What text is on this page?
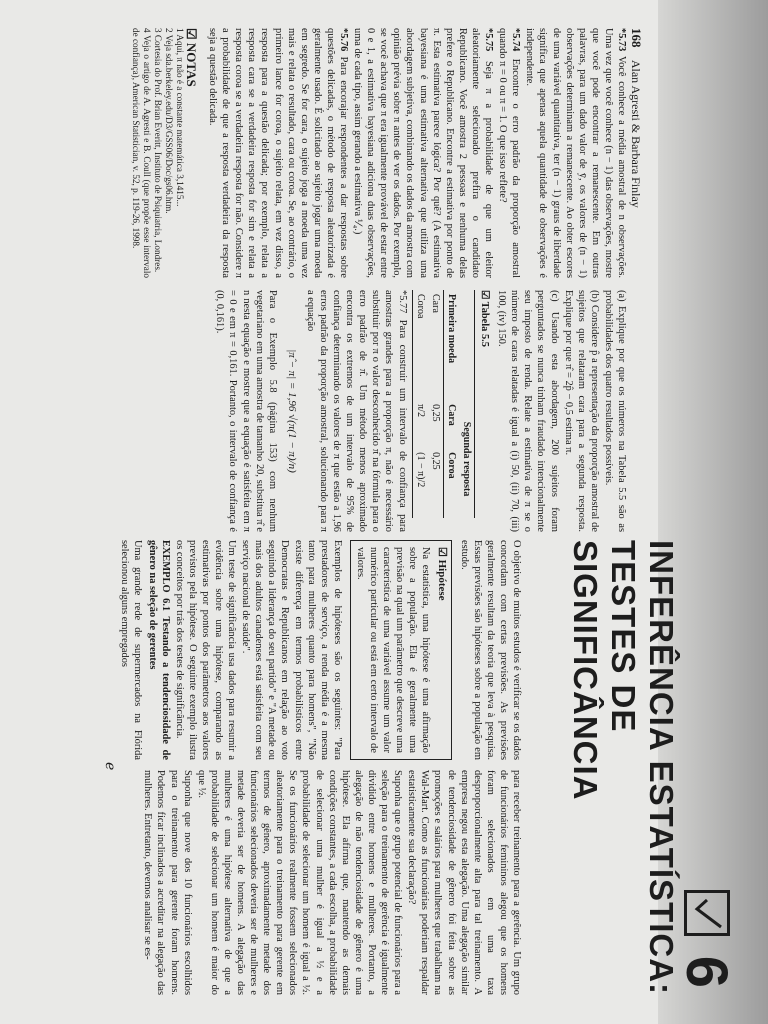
168 Alan Agresti & Barbara Finlay

*5.73 Você conhece a média amostral de n observações. Uma vez que você conhece (n − 1) das observações, mostre que você pode encontrar a remanescente. Em outras palavras, para um dado valor de ȳ, os valores de (n − 1) observações determinam a remanescente. Ao obter escores de uma variável quantitativa, ter (n − 1) graus de liberdade significa que apenas aquela quantidade de observações é independente.

*5.74 Encontre o erro padrão da proporção amostral quando π = 0 ou π = 1. O que isso reflete?

*5.75 Seja π a probabilidade de que um eleitor aleatoriamente selecionado prefira o candidato Republicano. Você amostra 2 pessoas e nenhuma delas prefere o Republicano. Encontre a estimativa por ponto de π. Esta estimativa parece lógica? Por quê? (A estimativa bayesiana é uma estimativa alternativa que utiliza uma abordagem subjetiva, combinando os dados da amostra com opinião prévia sobre π antes de ver os dados. Por exemplo, se você achava que π era igualmente provável de estar entre 0 e 1, a estimativa bayesiana adiciona duas observações, uma de cada tipo, assim gerando a estimativa ⅟₄.)

*5.76 Para encorajar respondentes a dar respostas sobre questões delicadas, o método de resposta aleatorizada é geralmente usado. É solicitado ao sujeito jogar uma moeda em segredo. Se for cara, o sujeito joga a moeda uma vez mais e relata o resultado, cara ou coroa. Se, ao contrário, o primeiro lance for coroa, o sujeito relata, em vez disso, a resposta para a questão delicada; por exemplo, relata a resposta cara se a verdadeira resposta for sim e relata a resposta coroa se a verdadeira resposta for não. Considere π a probabilidade de que a resposta verdadeira da resposta seja a questão delicada.

☑ NOTAS

1 Aqui, π não é a constante matemática 3,1415...

2 Veja sda.berkeley.edu/D3/GSS06/Doc/gs06.htm.

3 Cortesia do Prof. Brian Everitt, Instituto de Psiquiatria, Londres.

4 Veja o artigo de A. Agresti e B. Coull (que propõe esse intervalo de confiança), American Statistician, v. 52, p. 119-26, 1998.

(a) Explique por que os números na Tabela 5.5 são as probabilidades dos quatro resultados possíveis.

(b) Considere p̂ a representação da proporção amostral de sujeitos que relataram cara para a segunda resposta. Explique por que π̂ = 2p̂ − 0,5 estima π.

(c) Usando esta abordagem, 200 sujeitos foram perguntados se nunca tinham fraudado intencionalmente seu imposto de renda. Relate a estimativa de π se o número de caras relatadas é igual a (i) 50, (ii) 70, (iii) 100, (iv) 150.

☑ Tabela 5.5
	Segunda resposta	
Primeira moeda	Cara	Coroa
Cara	0,25	0,25
Coroa	π/2	(1 − π)/2

*5.77 Para construir um intervalo de confiança para amostras grandes para a proporção π, não é necessário substituir por π o valor desconhecido π̂ na fórmula para o erro padrão de π̂. Um método menos aproximado encontra os extremos de um intervalo de 95% de confiança determinando os valores de π que estão a 1,96 erros padrão da proporção amostral, solucionando para π a equação

|π̂ − π| = 1,96 √(π(1 − π)/n)

Para o Exemplo 5.8 (página 153) com nenhum vegetariano em uma amostra de tamanho 20, substitua π̂ e n nesta equação e mostre que a equação é satisfeita em π = 0 e em π = 0,161. Portanto, o intervalo de confiança é (0, 0,161).

6
INFERÊNCIA ESTATÍSTICA:
TESTES DE SIGNIFICÂNCIA

O objetivo de muitos estudos é verificar se os dados concordam com certas previsões. As previsões geralmente resultam da teoria que leva à pesquisa. Essas previsões são hipóteses sobre a população em estudo.

☑ Hipótese
Na estatística, uma hipótese é uma afirmação sobre a população. Ela é geralmente uma previsão na qual um parâmetro que descreve uma característica de uma variável assume um valor numérico particular ou está em certo intervalo de valores.

Exemplos de hipóteses são os seguintes: "Para prestadores de serviço, a renda média é a mesma tanto para mulheres quanto para homens", "Não existe diferença em termos probabilísticos entre Democratas e Republicanos em relação ao voto seguindo a liderança do seu partido" e "A metade ou mais dos adultos canadenses está satisfeita com seu serviço nacional de saúde".

Um teste de significância usa dados para resumir a evidência sobre uma hipótese, comparando as estimativas por pontos dos parâmetros aos valores previstos pela hipótese. O seguinte exemplo ilustra os conceitos por trás dos testes de significância.

EXEMPLO 6.1 Testando a tendenciosidade de gênero na seleção de gerentes

Uma grande rede de supermercados na Flórida selecionou alguns empregados

para receber treinamento para a gerência. Um grupo de funcionários femininos alegou que os homens foram selecionados em uma taxa desproporcionalmente alta para tal treinamento. A empresa negou esta alegação. Uma alegação similar de tendenciosidade de gênero foi feita sobre as promoções e salários para mulheres que trabalham na Wal-Mart. Como as funcionárias poderiam respaldar estatisticamente sua declaração?

Suponha que o grupo potencial de funcionários para a seleção para o treinamento de gerência é igualmente dividido entre homens e mulheres. Portanto, a alegação de não tendenciosidade de gênero é uma hipótese. Ela afirma que, mantendo as demais condições constantes, a cada escolha, a probabilidade de selecionar uma mulher é igual a ½ e a probabilidade de selecionar um homem é igual a ½. Se os funcionários realmente fossem selecionados aleatoriamente para o treinamento para gerente em termos de gênero, aproximadamente metade dos funcionários selecionados deveria ser de mulheres e metade deveria ser de homens. A alegação das mulheres é uma hipótese alternativa de que a probabilidade de selecionar um homem é maior do que ½.

Suponha que nove dos 10 funcionários escolhidos para o treinamento para gerente foram homens. Podemos ficar inclinados a acreditar na alegação das mulheres. Entretanto, devemos analisar se es-

ℯ
